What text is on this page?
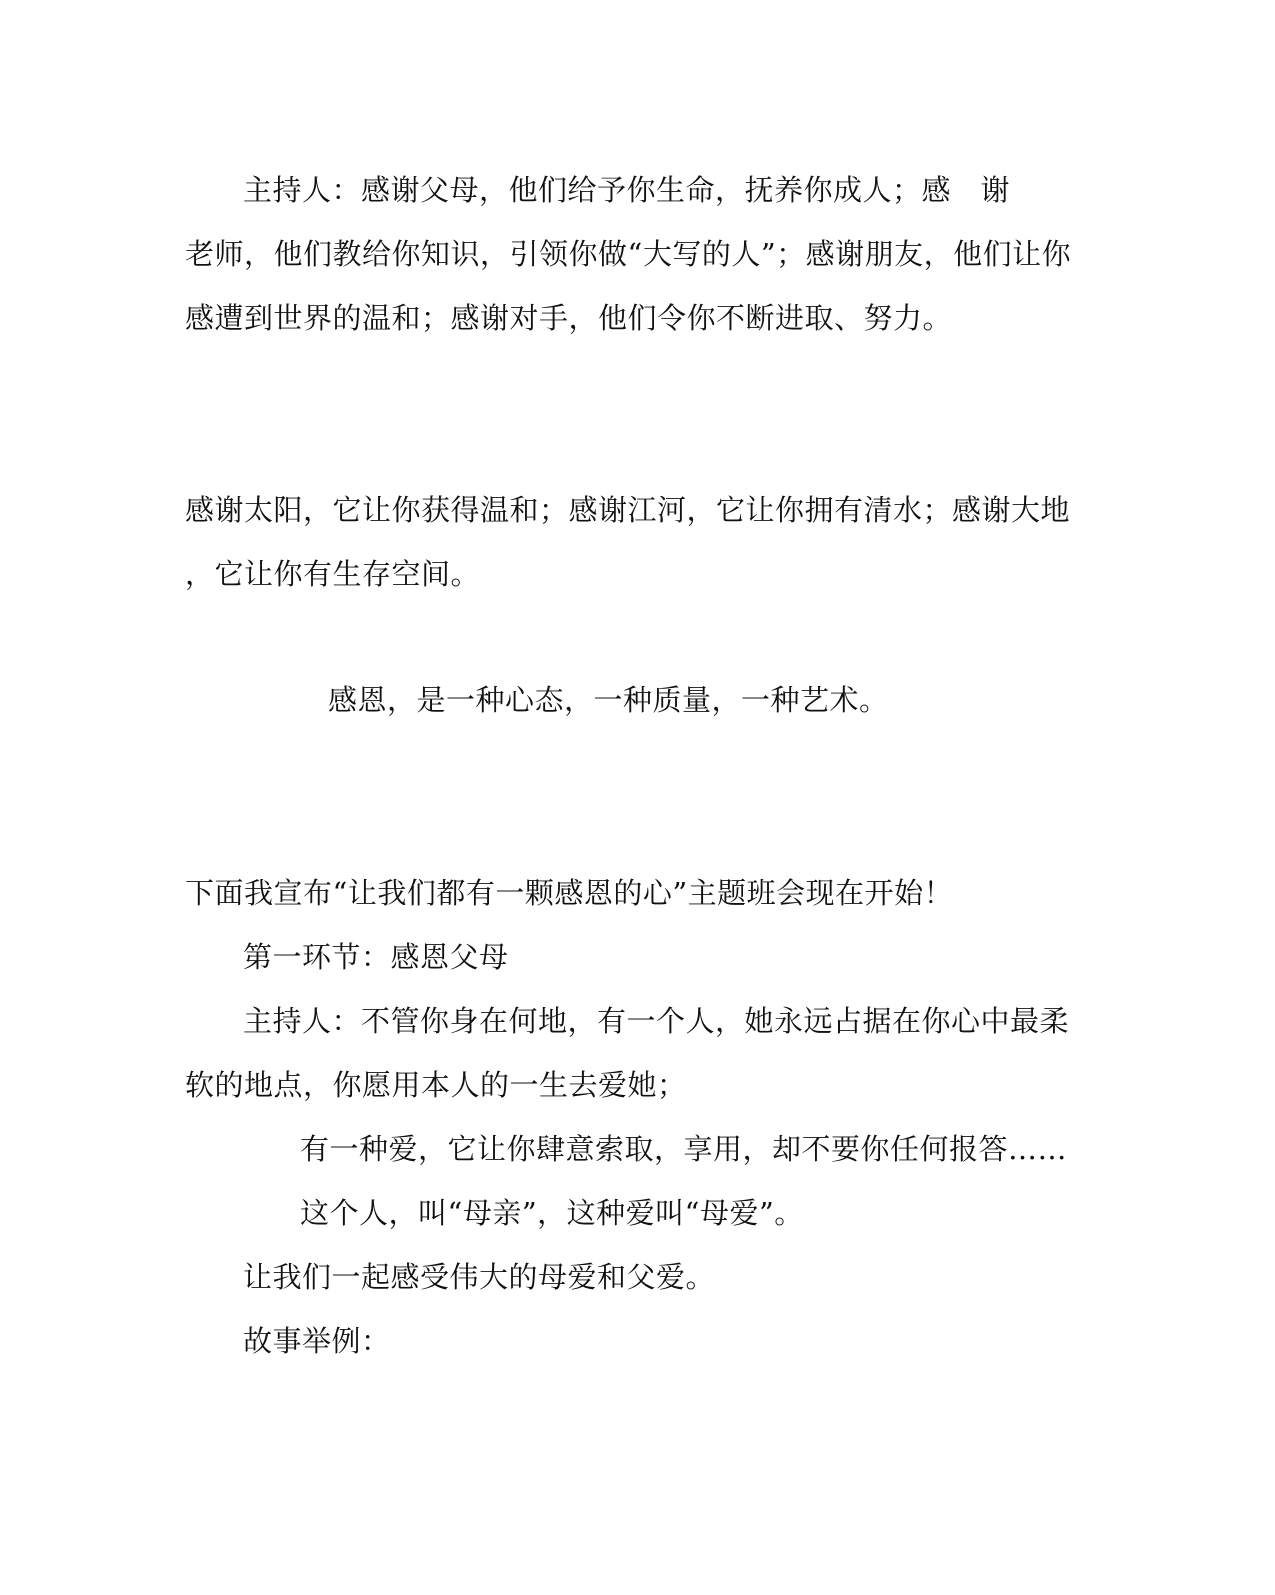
主持人：感谢父母，他们给予你生命，抚养你成人；感　谢
老师，他们教给你知识，引领你做“大写的人”；感谢朋友，他们让你
感遭到世界的温和；感谢对手，他们令你不断进取、努力。
感谢太阳，它让你获得温和；感谢江河，它让你拥有清水；感谢大地
，它让你有生存空间。
感恩，是一种心态，一种质量，一种艺术。
下面我宣布“让我们都有一颗感恩的心”主题班会现在开始！
第一环节：感恩父母
主持人：不管你身在何地，有一个人，她永远占据在你心中最柔
软的地点，你愿用本人的一生去爱她；
有一种爱，它让你肆意索取，享用，却不要你任何报答……
这个人，叫“母亲”，这种爱叫“母爱”。
让我们一起感受伟大的母爱和父爱。
故事举例：
